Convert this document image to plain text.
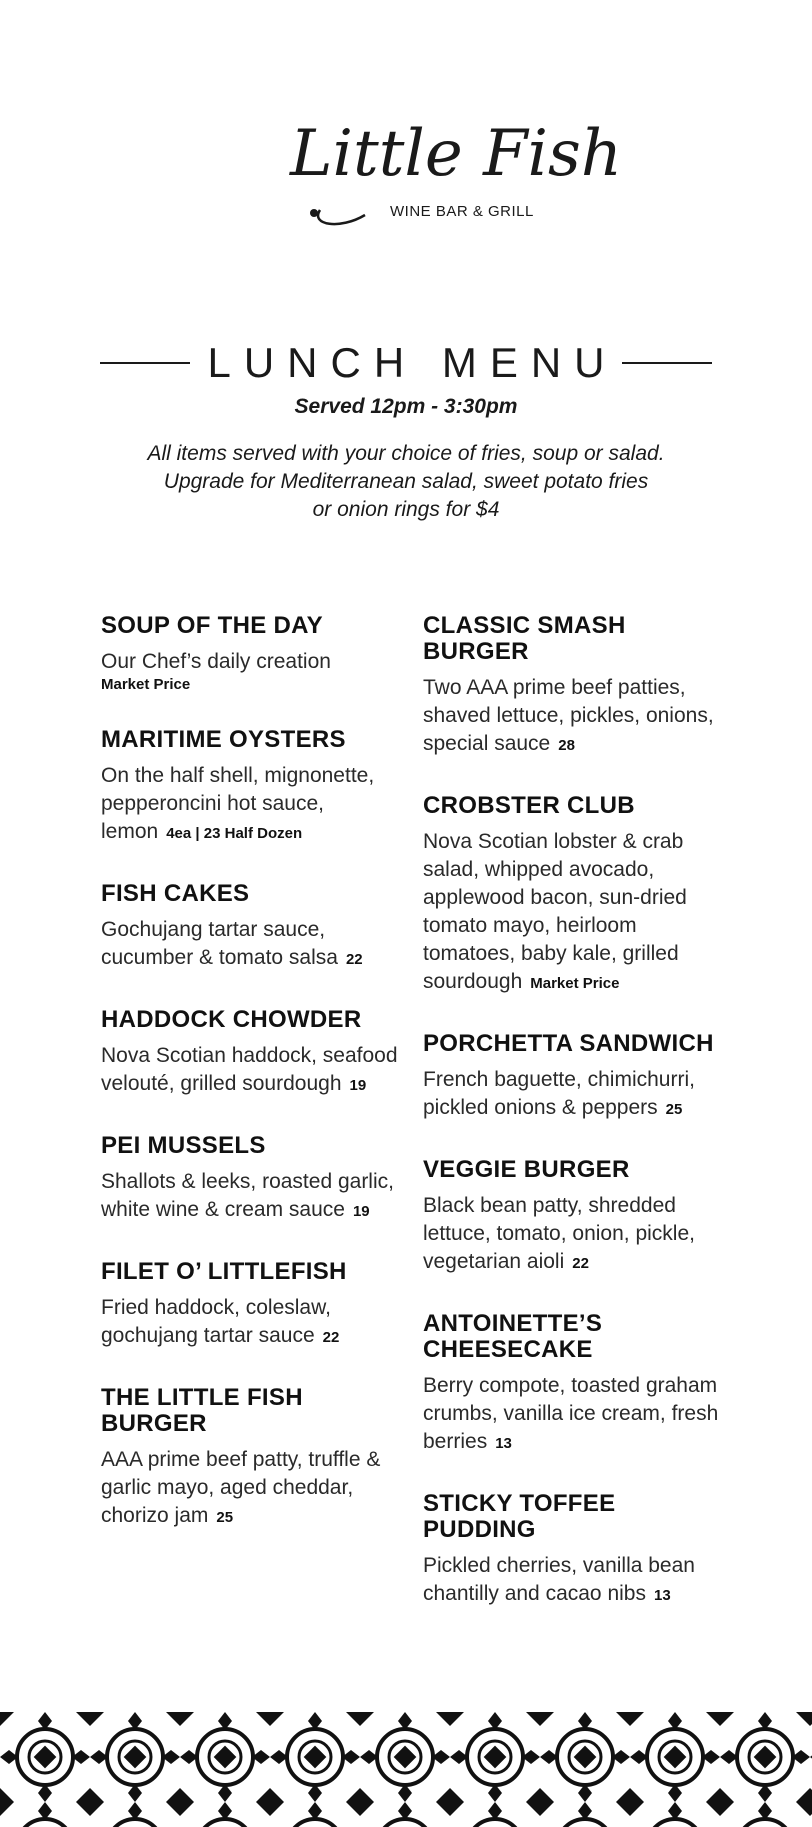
Little Fish
WINE BAR & GRILL
LUNCH MENU
Served 12pm - 3:30pm
All items served with your choice of fries, soup or salad.
Upgrade for Mediterranean salad, sweet potato fries
or onion rings for $4
SOUP OF THE DAY
Our Chef’s daily creation
Market Price
MARITIME OYSTERS
On the half shell, mignonette, pepperoncini hot sauce, lemon 4ea | 23 Half Dozen
FISH CAKES
Gochujang tartar sauce, cucumber & tomato salsa 22
HADDOCK CHOWDER
Nova Scotian haddock, seafood velouté, grilled sourdough 19
PEI MUSSELS
Shallots & leeks, roasted garlic, white wine & cream sauce 19
FILET O’ LITTLEFISH
Fried haddock, coleslaw, gochujang tartar sauce 22
THE LITTLE FISH BURGER
AAA prime beef patty, truffle & garlic mayo, aged cheddar, chorizo jam 25
CLASSIC SMASH BURGER
Two AAA prime beef patties, shaved lettuce, pickles, onions, special sauce 28
CROBSTER CLUB
Nova Scotian lobster & crab salad, whipped avocado, applewood bacon, sun-dried tomato mayo, heirloom tomatoes, baby kale, grilled sourdough Market Price
PORCHETTA SANDWICH
French baguette, chimichurri, pickled onions & peppers 25
VEGGIE BURGER
Black bean patty, shredded lettuce, tomato, onion, pickle, vegetarian aioli 22
ANTOINETTE’S CHEESECAKE
Berry compote, toasted graham crumbs, vanilla ice cream, fresh berries 13
STICKY TOFFEE PUDDING
Pickled cherries, vanilla bean chantilly and cacao nibs 13
